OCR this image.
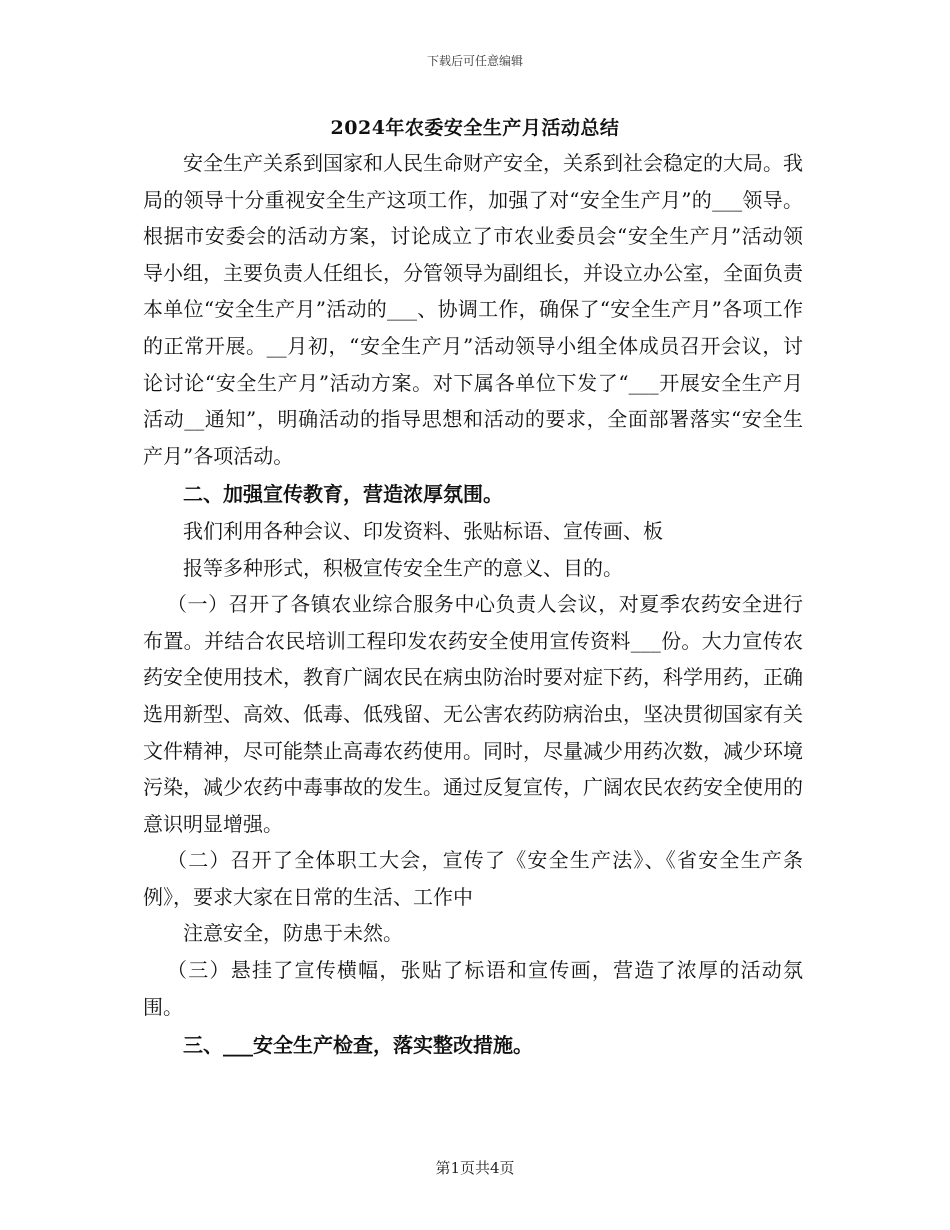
下载后可任意编辑
2024年农委安全生产月活动总结

安全生产关系到国家和人民生命财产安全，关系到社会稳定的大局。我局的领导十分重视安全生产这项工作，加强了对“安全生产月”的___领导。根据市安委会的活动方案，讨论成立了市农业委员会“安全生产月”活动领导小组，主要负责人任组长，分管领导为副组长，并设立办公室，全面负责本单位“安全生产月”活动的___、协调工作，确保了“安全生产月”各项工作的正常开展。__月初，“安全生产月”活动领导小组全体成员召开会议，讨论讨论“安全生产月”活动方案。对下属各单位下发了“___开展安全生产月活动__通知”，明确活动的指导思想和活动的要求，全面部署落实“安全生产月”各项活动。

二、加强宣传教育，营造浓厚氛围。

我们利用各种会议、印发资料、张贴标语、宣传画、板

报等多种形式，积极宣传安全生产的意义、目的。

（一）召开了各镇农业综合服务中心负责人会议，对夏季农药安全进行布置。并结合农民培训工程印发农药安全使用宣传资料___份。大力宣传农药安全使用技术，教育广阔农民在病虫防治时要对症下药，科学用药，正确选用新型、高效、低毒、低残留、无公害农药防病治虫，坚决贯彻国家有关文件精神，尽可能禁止高毒农药使用。同时，尽量减少用药次数，减少环境污染，减少农药中毒事故的发生。通过反复宣传，广阔农民农药安全使用的意识明显增强。

（二）召开了全体职工大会，宣传了《安全生产法》、《省安全生产条例》，要求大家在日常的生活、工作中

注意安全，防患于未然。

（三）悬挂了宣传横幅，张贴了标语和宣传画，营造了浓厚的活动氛围。

三、___安全生产检查，落实整改措施。

第1页共4页
